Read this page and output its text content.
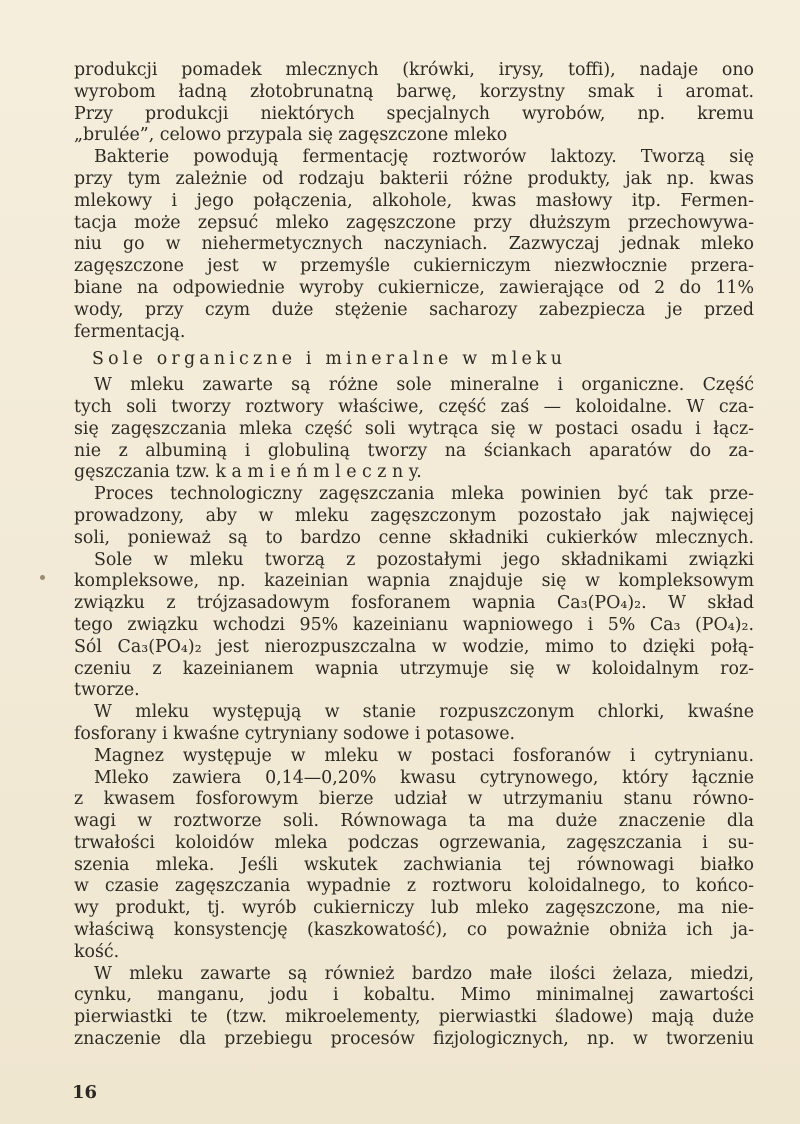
produkcji pomadek mlecznych (krówki, irysy, toffi), nadaje ono
wyrobom ładną złotobrunatną barwę, korzystny smak i aromat.
Przy produkcji niektórych specjalnych wyrobów, np. kremu
„brulée”, celowo przypala się zagęszczone mleko
Bakterie powodują fermentację roztworów laktozy. Tworzą się
przy tym zależnie od rodzaju bakterii różne produkty, jak np. kwas
mlekowy i jego połączenia, alkohole, kwas masłowy itp. Fermen-
tacja może zepsuć mleko zagęszczone przy dłuższym przechowywa-
niu go w niehermetycznych naczyniach. Zazwyczaj jednak mleko
zagęszczone jest w przemyśle cukierniczym niezwłocznie przera-
biane na odpowiednie wyroby cukiernicze, zawierające od 2 do 11%
wody, przy czym duże stężenie sacharozy zabezpiecza je przed
fermentacją.
Sole organiczne i mineralne w mleku
W mleku zawarte są różne sole mineralne i organiczne. Część
tych soli tworzy roztwory właściwe, część zaś — koloidalne. W cza-
się zagęszczania mleka część soli wytrąca się w postaci osadu i łącz-
nie z albuminą i globuliną tworzy na ściankach aparatów do za-
gęszczania tzw. k a m i e ń m l e c z n y.
Proces technologiczny zagęszczania mleka powinien być tak prze-
prowadzony, aby w mleku zagęszczonym pozostało jak najwięcej
soli, ponieważ są to bardzo cenne składniki cukierków mlecznych.
Sole w mleku tworzą z pozostałymi jego składnikami związki
kompleksowe, np. kazeinian wapnia znajduje się w kompleksowym
związku z trójzasadowym fosforanem wapnia Ca₃(PO₄)₂. W skład
tego związku wchodzi 95% kazeinianu wapniowego i 5% Ca₃ (PO₄)₂.
Sól Ca₃(PO₄)₂ jest nierozpuszczalna w wodzie, mimo to dzięki połą-
czeniu z kazeinianem wapnia utrzymuje się w koloidalnym roz-
tworze.
W mleku występują w stanie rozpuszczonym chlorki, kwaśne
fosforany i kwaśne cytryniany sodowe i potasowe.
Magnez występuje w mleku w postaci fosforanów i cytrynianu.
Mleko zawiera 0,14—0,20% kwasu cytrynowego, który łącznie
z kwasem fosforowym bierze udział w utrzymaniu stanu równo-
wagi w roztworze soli. Równowaga ta ma duże znaczenie dla
trwałości koloidów mleka podczas ogrzewania, zagęszczania i su-
szenia mleka. Jeśli wskutek zachwiania tej równowagi białko
w czasie zagęszczania wypadnie z roztworu koloidalnego, to końco-
wy produkt, tj. wyrób cukierniczy lub mleko zagęszczone, ma nie-
właściwą konsystencję (kaszkowatość), co poważnie obniża ich ja-
kość.
W mleku zawarte są również bardzo małe ilości żelaza, miedzi,
cynku, manganu, jodu i kobaltu. Mimo minimalnej zawartości
pierwiastki te (tzw. mikroelementy, pierwiastki śladowe) mają duże
znaczenie dla przebiegu procesów fizjologicznych, np. w tworzeniu
16
